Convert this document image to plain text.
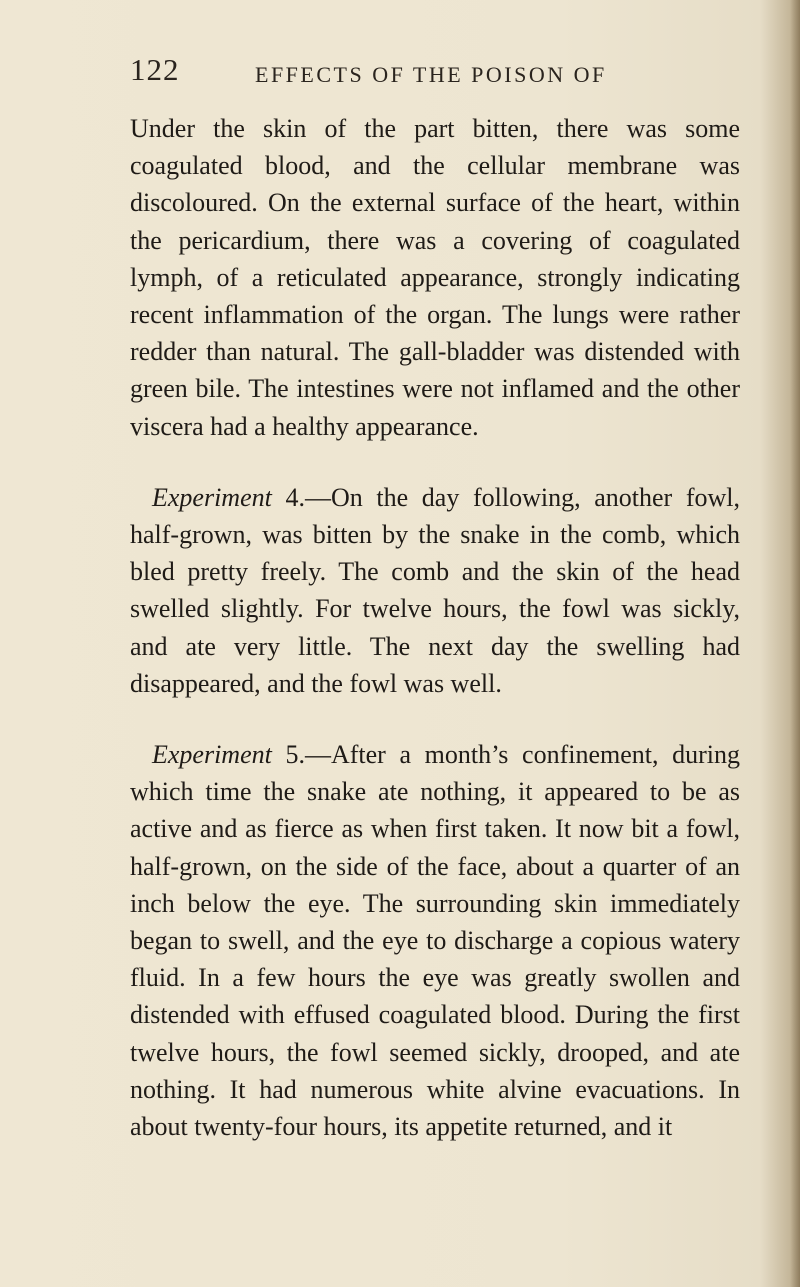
122	EFFECTS OF THE POISON OF

Under the skin of the part bitten, there was some coagulated blood, and the cellular membrane was discoloured. On the external surface of the heart, within the pericardium, there was a covering of coagulated lymph, of a reticulated appearance, strongly indicating recent inflammation of the organ. The lungs were rather redder than natural. The gall-bladder was distended with green bile. The intestines were not inflamed and the other viscera had a healthy appearance.

Experiment 4.—On the day following, another fowl, half-grown, was bitten by the snake in the comb, which bled pretty freely. The comb and the skin of the head swelled slightly. For twelve hours, the fowl was sickly, and ate very little. The next day the swelling had disappeared, and the fowl was well.

Experiment 5.—After a month’s confinement, during which time the snake ate nothing, it appeared to be as active and as fierce as when first taken. It now bit a fowl, half-grown, on the side of the face, about a quarter of an inch below the eye. The surrounding skin immediately began to swell, and the eye to discharge a copious watery fluid. In a few hours the eye was greatly swollen and distended with effused coagulated blood. During the first twelve hours, the fowl seemed sickly, drooped, and ate nothing. It had numerous white alvine evacuations. In about twenty-four hours, its appetite returned, and it
